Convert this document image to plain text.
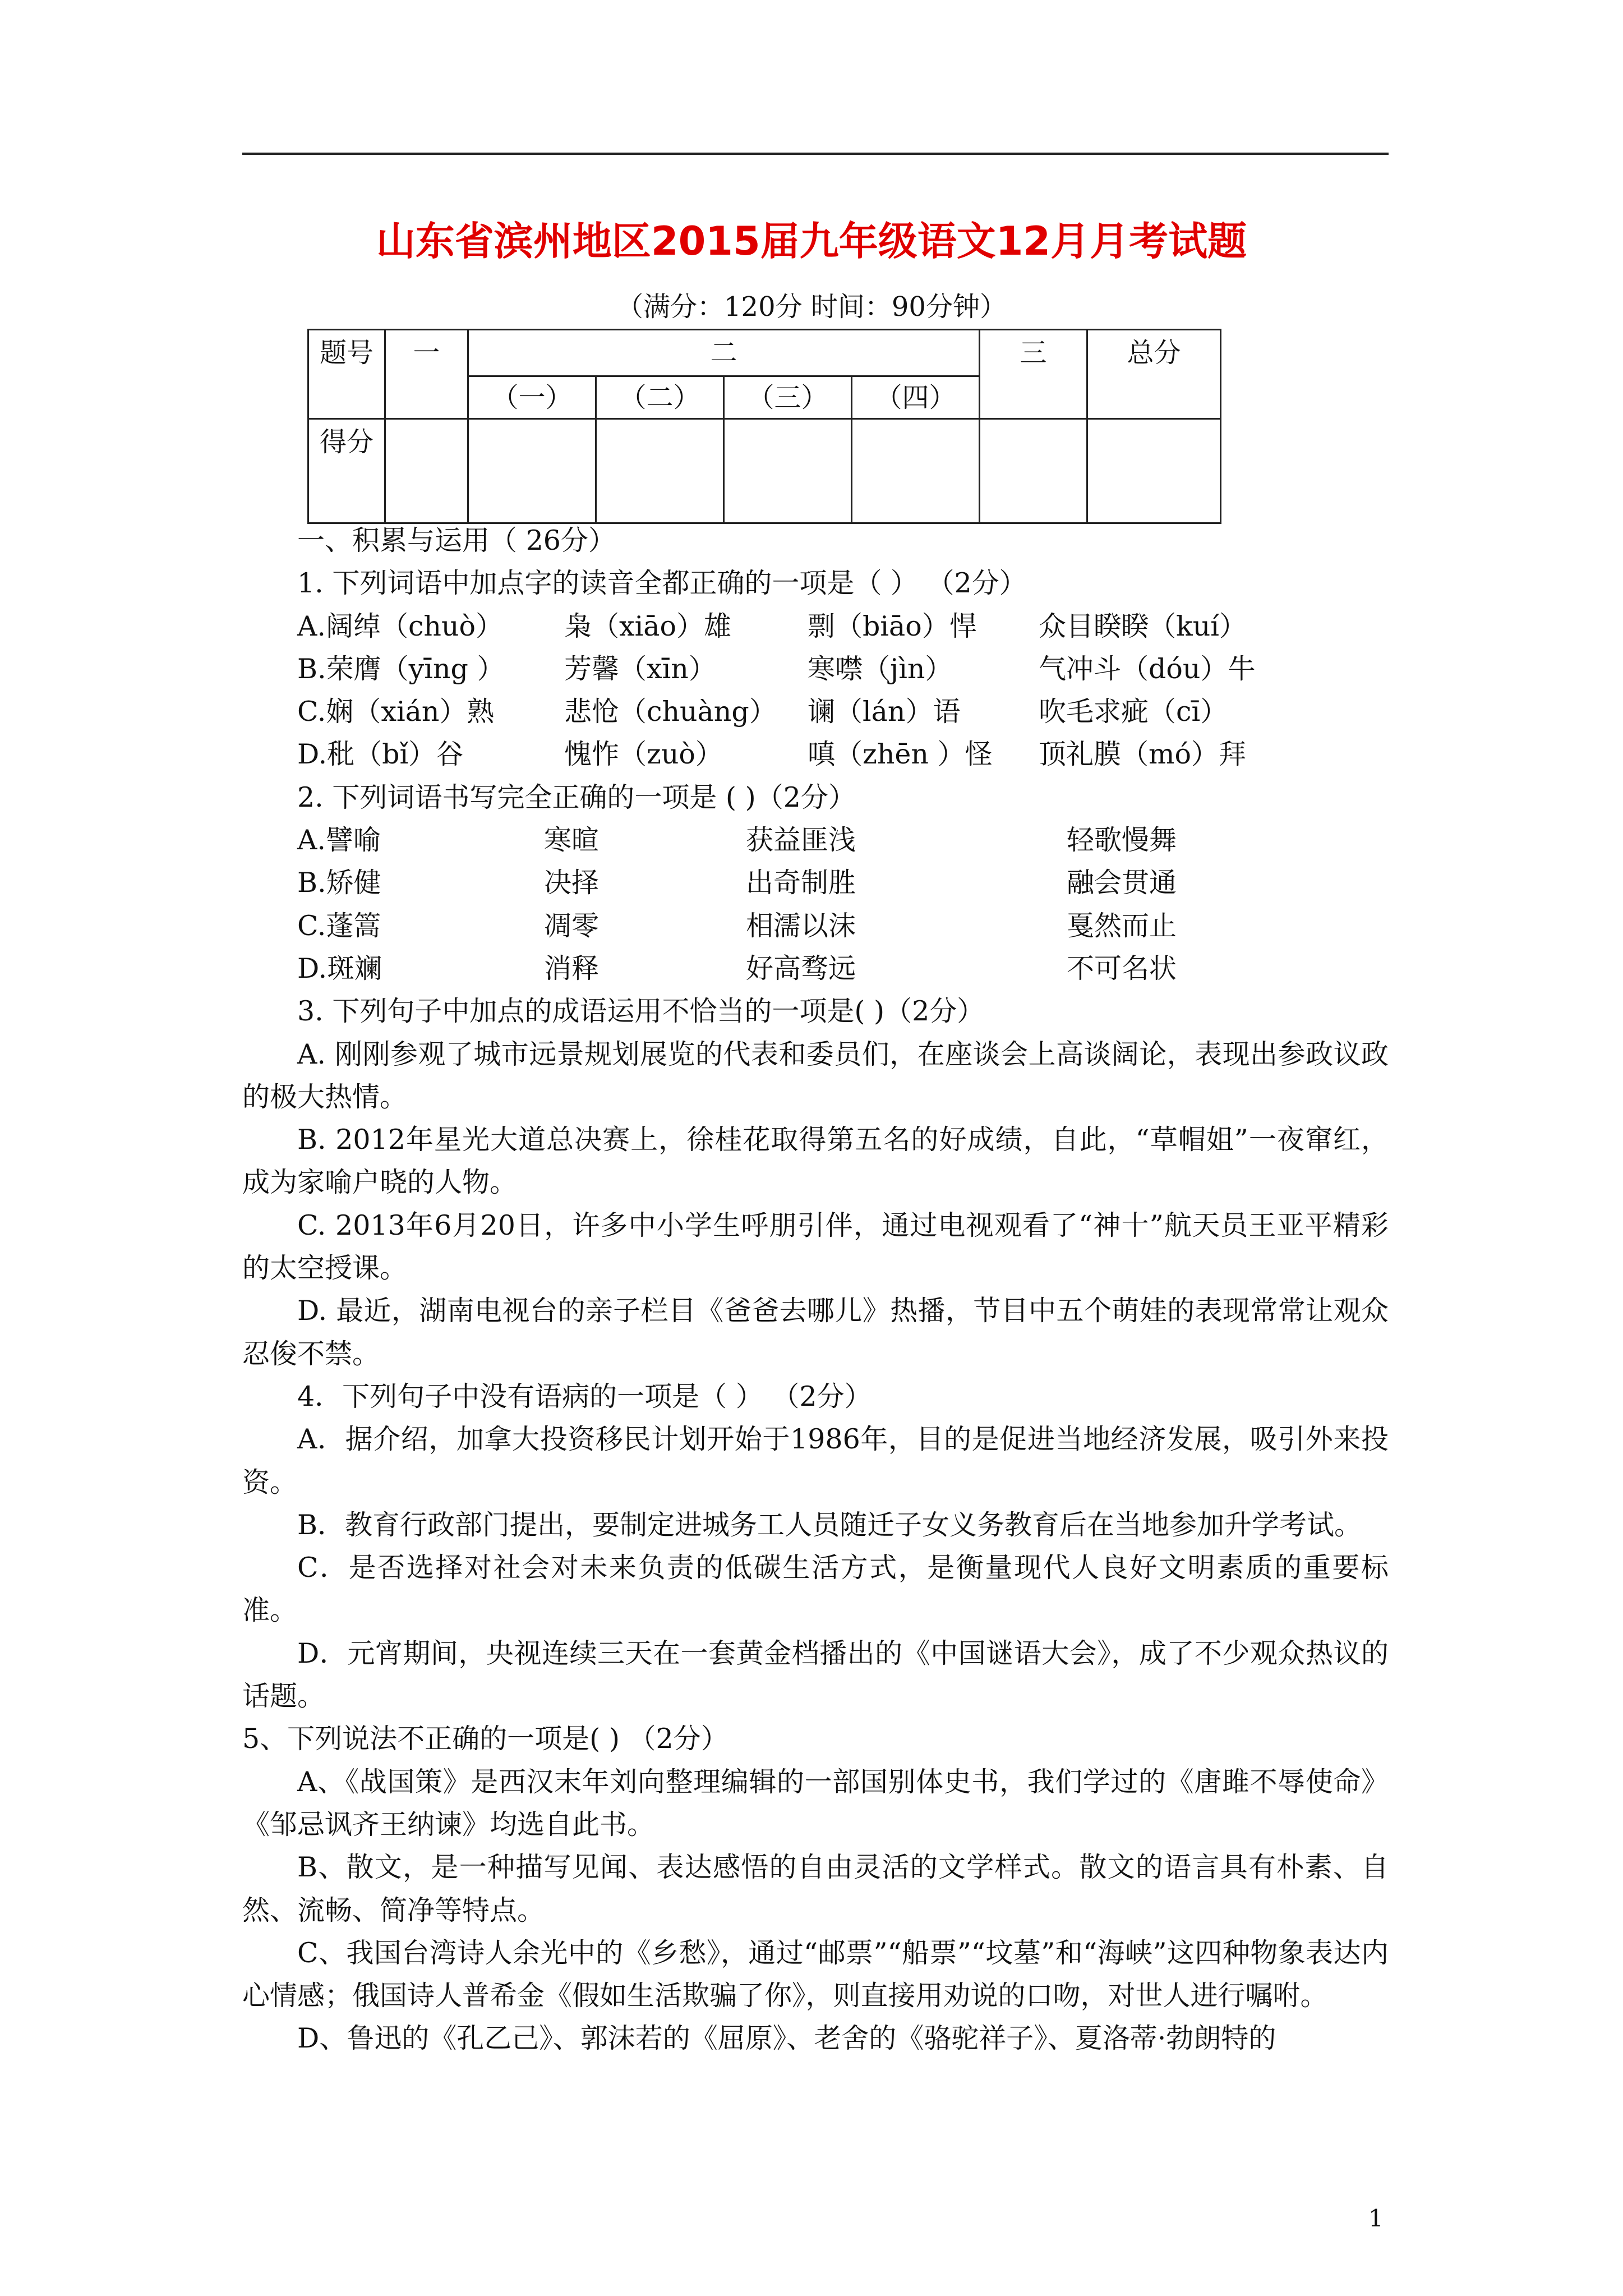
山东省滨州地区2015届九年级语文12月月考试题
（满分：120分 时间：90分钟）
题号	一	二				三	总分
		（一）	（二）	（三）	（四）		
得分							

一、积累与运用（ 26分）

1. 下列词语中加点字的读音全都正确的一项是（ ） （2分）

A.阔绰（chuò）	枭（xiāo）雄	剽（biāo）悍	众目睽睽（kuí）
B.荣膺（yīng ）	芳馨（xīn）	寒噤（jìn）	气冲斗（dóu）牛
C.娴（xián）熟	悲怆（chuàng）	谰（lán）语	吹毛求疵（cī）
D.秕（bǐ）谷	愧怍（zuò）	嗔（zhēn ）怪	顶礼膜（mó）拜

2. 下列词语书写完全正确的一项是 ( )（2分）

A.譬喻	寒暄	获益匪浅	轻歌慢舞
B.矫健	决择	出奇制胜	融会贯通
C.蓬篙	凋零	相濡以沫	戛然而止
D.斑斓	消释	好高骛远	不可名状

3. 下列句子中加点的成语运用不恰当的一项是( )（2分）

A. 刚刚参观了城市远景规划展览的代表和委员们，在座谈会上高谈阔论，表现出参政议政的极大热情。

B. 2012年星光大道总决赛上，徐桂花取得第五名的好成绩，自此，“草帽姐”一夜窜红，成为家喻户晓的人物。

C. 2013年6月20日，许多中小学生呼朋引伴，通过电视观看了“神十”航天员王亚平精彩的太空授课。

D. 最近，湖南电视台的亲子栏目《爸爸去哪儿》热播，节目中五个萌娃的表现常常让观众忍俊不禁。

4．下列句子中没有语病的一项是（ ） （2分）

A．据介绍，加拿大投资移民计划开始于1986年，目的是促进当地经济发展，吸引外来投资。

B．教育行政部门提出，要制定进城务工人员随迁子女义务教育后在当地参加升学考试。

C．是否选择对社会对未来负责的低碳生活方式，是衡量现代人良好文明素质的重要标准。

D．元宵期间，央视连续三天在一套黄金档播出的《中国谜语大会》，成了不少观众热议的话题。

5、下列说法不正确的一项是( ) （2分）

A、《战国策》是西汉末年刘向整理编辑的一部国别体史书，我们学过的《唐雎不辱使命》《邹忌讽齐王纳谏》均选自此书。

B、散文，是一种描写见闻、表达感悟的自由灵活的文学样式。散文的语言具有朴素、自然、流畅、简净等特点。

C、我国台湾诗人余光中的《乡愁》，通过“邮票”“船票”“坟墓”和“海峡”这四种物象表达内心情感；俄国诗人普希金《假如生活欺骗了你》，则直接用劝说的口吻，对世人进行嘱咐。

D、鲁迅的《孔乙己》、郭沫若的《屈原》、老舍的《骆驼祥子》、夏洛蒂·勃朗特的

1
